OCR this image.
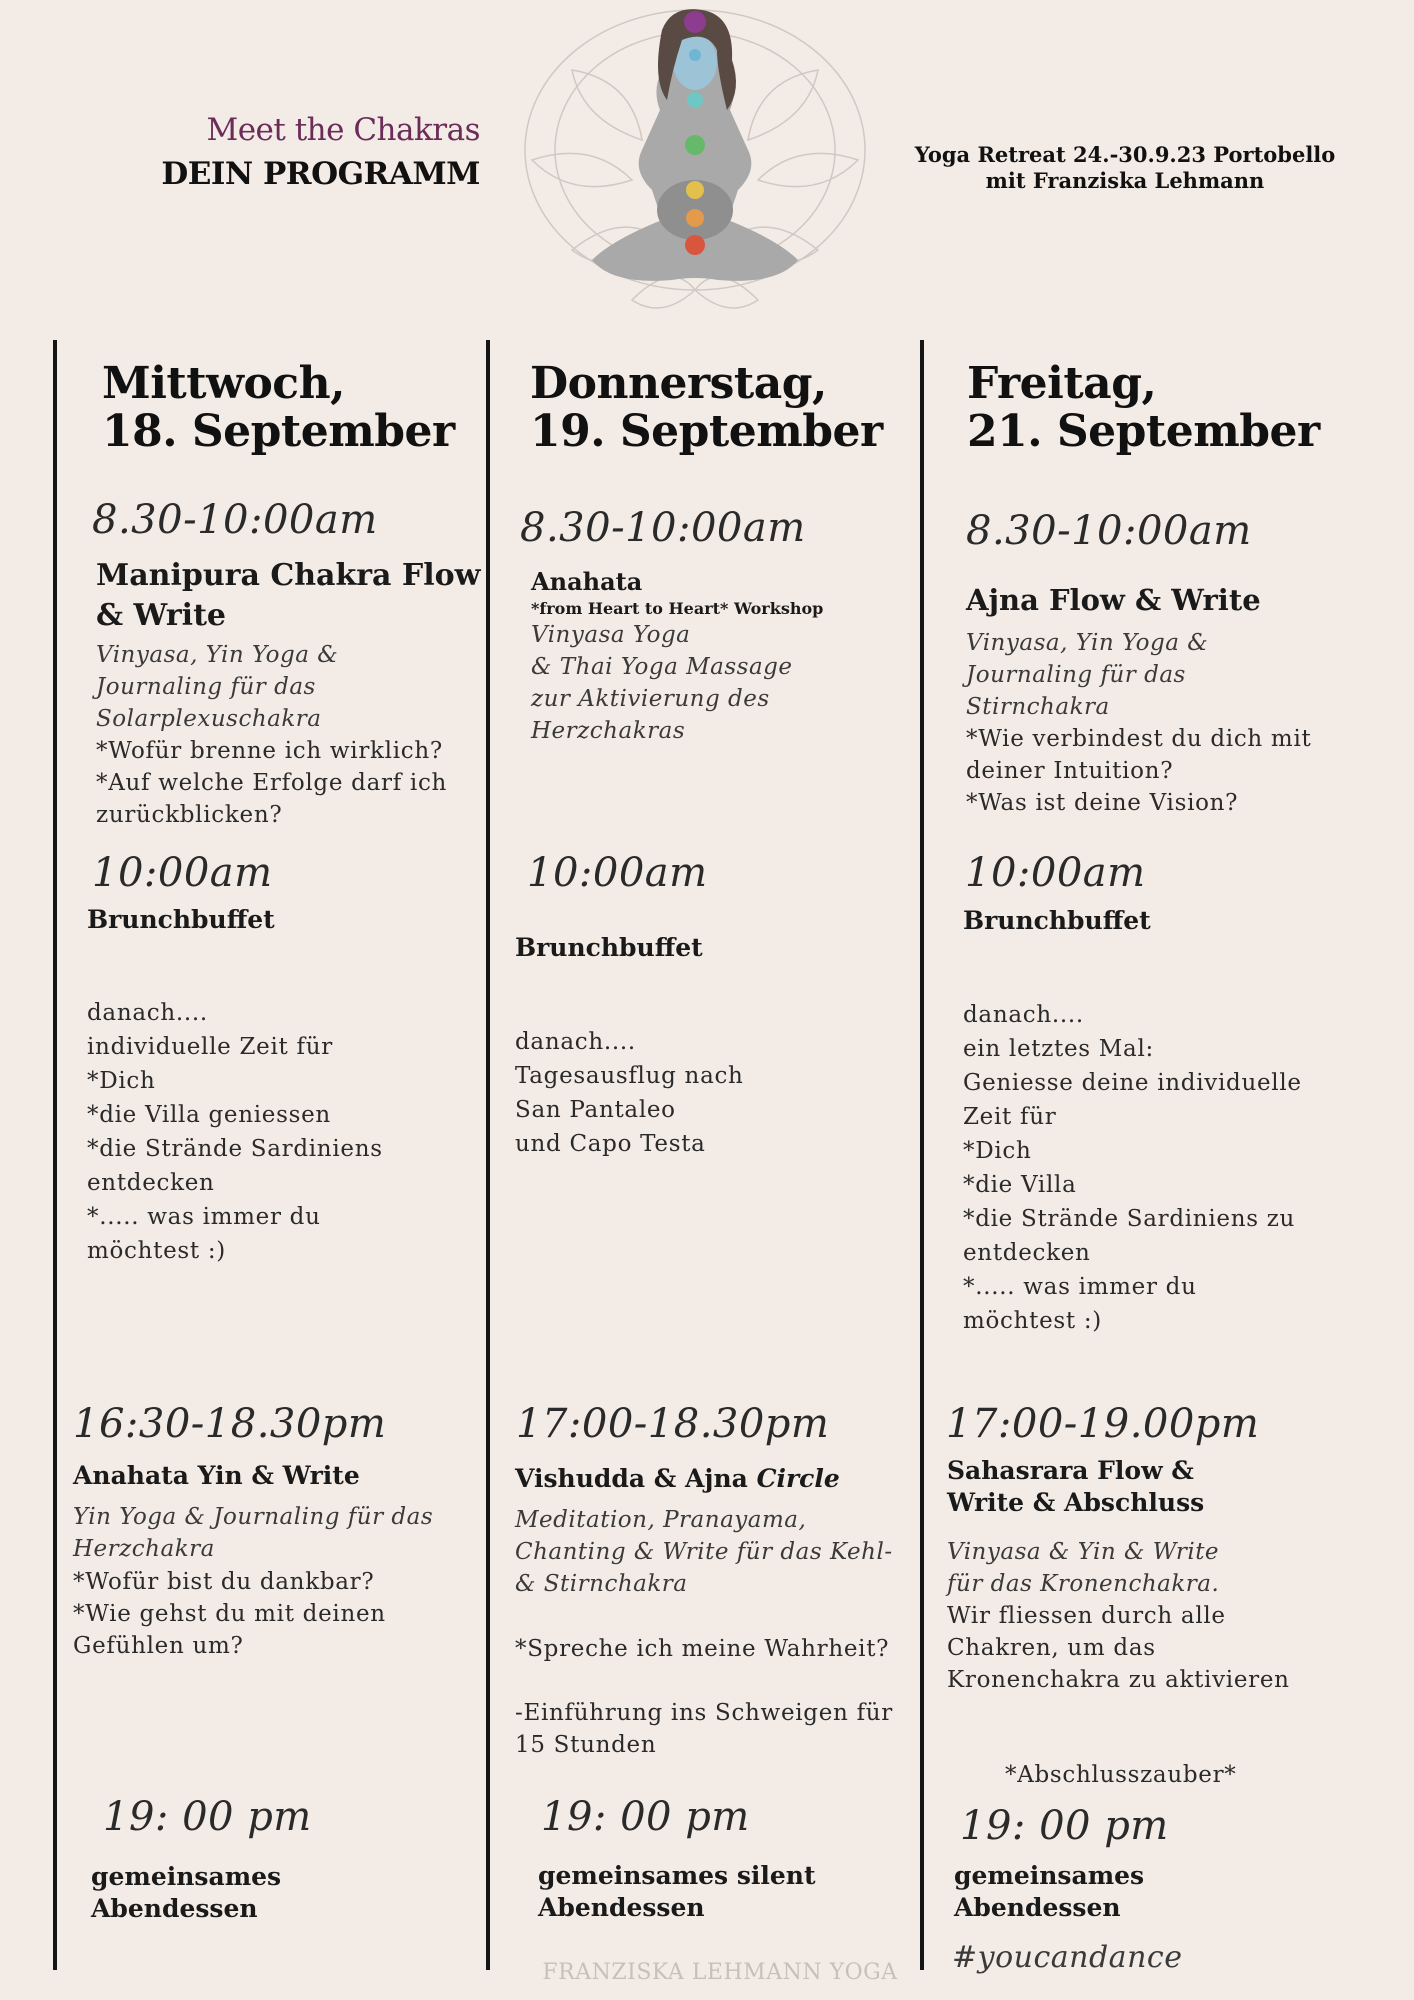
Meet the Chakras
DEIN PROGRAMM
Yoga Retreat 24.-30.9.23 Portobello
mit Franziska Lehmann
Mittwoch,
18. September
8.30-10:00am
Manipura Chakra Flow
& Write
Vinyasa, Yin Yoga &
Journaling für das
Solarplexuschakra
*Wofür brenne ich wirklich?
*Auf welche Erfolge darf ich
zurückblicken?
10:00am
Brunchbuffet
danach....
individuelle Zeit für
*Dich
*die Villa geniessen
*die Strände Sardiniens
entdecken
*..... was immer du
möchtest :)
16:30-18.30pm
Anahata Yin & Write
Yin Yoga & Journaling für das
Herzchakra
*Wofür bist du dankbar?
*Wie gehst du mit deinen
Gefühlen um?
19: 00 pm
gemeinsames
Abendessen
Donnerstag,
19. September
8.30-10:00am
Anahata
*from Heart to Heart* Workshop
Vinyasa Yoga
& Thai Yoga Massage
zur Aktivierung des
Herzchakras
10:00am
Brunchbuffet
danach....
Tagesausflug nach
San Pantaleo
und Capo Testa
17:00-18.30pm
Vishudda & Ajna Circle
Meditation, Pranayama,
Chanting & Write für das Kehl-
& Stirnchakra
*Spreche ich meine Wahrheit?
-Einführung ins Schweigen für
15 Stunden
19: 00 pm
gemeinsames silent
Abendessen
Freitag,
21. September
8.30-10:00am
Ajna Flow & Write
Vinyasa, Yin Yoga &
Journaling für das
Stirnchakra
*Wie verbindest du dich mit
deiner Intuition?
*Was ist deine Vision?
10:00am
Brunchbuffet
danach....
ein letztes Mal:
Geniesse deine individuelle
Zeit für
*Dich
*die Villa
*die Strände Sardiniens zu
entdecken
*..... was immer du
möchtest :)
17:00-19.00pm
Sahasrara Flow &
Write & Abschluss
Vinyasa & Yin & Write
für das Kronenchakra.
Wir fliessen durch alle
Chakren, um das
Kronenchakra zu aktivieren
*Abschlusszauber*
19: 00 pm
gemeinsames
Abendessen
#youcandance
FRANZISKA LEHMANN YOGA
